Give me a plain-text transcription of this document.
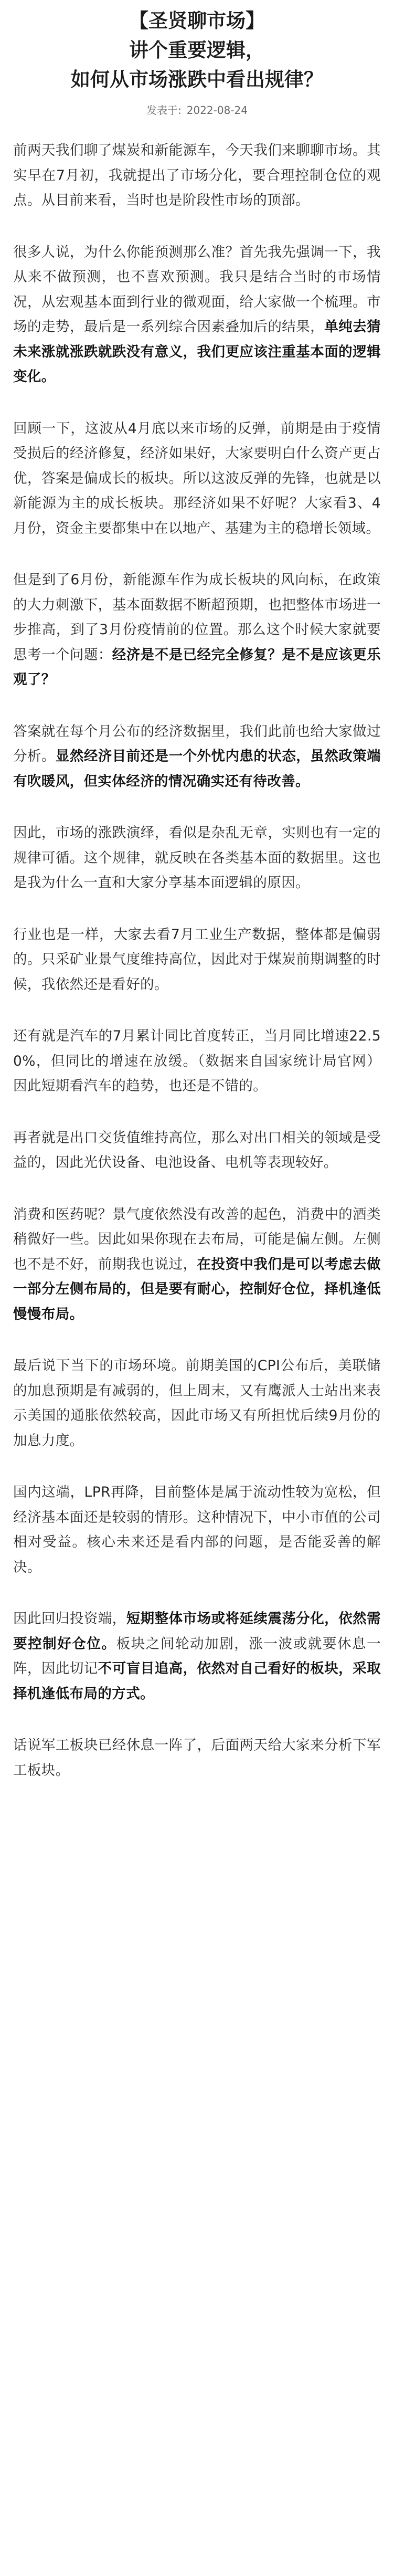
【圣贤聊市场】
讲个重要逻辑，
如何从市场涨跌中看出规律？
发表于: 2022-08-24

前两天我们聊了煤炭和新能源车，今天我们来聊聊市场。其实早在7月初，我就提出了市场分化，要合理控制仓位的观点。从目前来看，当时也是阶段性市场的顶部。

很多人说，为什么你能预测那么准？首先我先强调一下，我从来不做预测，也不喜欢预测。我只是结合当时的市场情况，从宏观基本面到行业的微观面，给大家做一个梳理。市场的走势，最后是一系列综合因素叠加后的结果，单纯去猜未来涨就涨跌就跌没有意义，我们更应该注重基本面的逻辑变化。

回顾一下，这波从4月底以来市场的反弹，前期是由于疫情受损后的经济修复，经济如果好，大家要明白什么资产更占优，答案是偏成长的板块。所以这波反弹的先锋，也就是以新能源为主的成长板块。那经济如果不好呢？大家看3、4月份，资金主要都集中在以地产、基建为主的稳增长领域。

但是到了6月份，新能源车作为成长板块的风向标，在政策的大力刺激下，基本面数据不断超预期，也把整体市场进一步推高，到了3月份疫情前的位置。那么这个时候大家就要思考一个问题：经济是不是已经完全修复？是不是应该更乐观了？

答案就在每个月公布的经济数据里，我们此前也给大家做过分析。显然经济目前还是一个外忧内患的状态，虽然政策端有吹暖风，但实体经济的情况确实还有待改善。

因此，市场的涨跌演绎，看似是杂乱无章，实则也有一定的规律可循。这个规律，就反映在各类基本面的数据里。这也是我为什么一直和大家分享基本面逻辑的原因。

行业也是一样，大家去看7月工业生产数据，整体都是偏弱的。只采矿业景气度维持高位，因此对于煤炭前期调整的时候，我依然还是看好的。

还有就是汽车的7月累计同比首度转正，当月同比增速22.50%，但同比的增速在放缓。（数据来自国家统计局官网）因此短期看汽车的趋势，也还是不错的。

再者就是出口交货值维持高位，那么对出口相关的领域是受益的，因此光伏设备、电池设备、电机等表现较好。

消费和医药呢？景气度依然没有改善的起色，消费中的酒类稍微好一些。因此如果你现在去布局，可能是偏左侧。左侧也不是不好，前期我也说过，在投资中我们是可以考虑去做一部分左侧布局的，但是要有耐心，控制好仓位，择机逢低慢慢布局。

最后说下当下的市场环境。前期美国的CPI公布后，美联储的加息预期是有减弱的，但上周末，又有鹰派人士站出来表示美国的通胀依然较高，因此市场又有所担忧后续9月份的加息力度。

国内这端，LPR再降，目前整体是属于流动性较为宽松，但经济基本面还是较弱的情形。这种情况下，中小市值的公司相对受益。核心未来还是看内部的问题，是否能妥善的解决。

因此回归投资端，短期整体市场或将延续震荡分化，依然需要控制好仓位。板块之间轮动加剧，涨一波或就要休息一阵，因此切记不可盲目追高，依然对自己看好的板块，采取择机逢低布局的方式。

话说军工板块已经休息一阵了，后面两天给大家来分析下军工板块。
